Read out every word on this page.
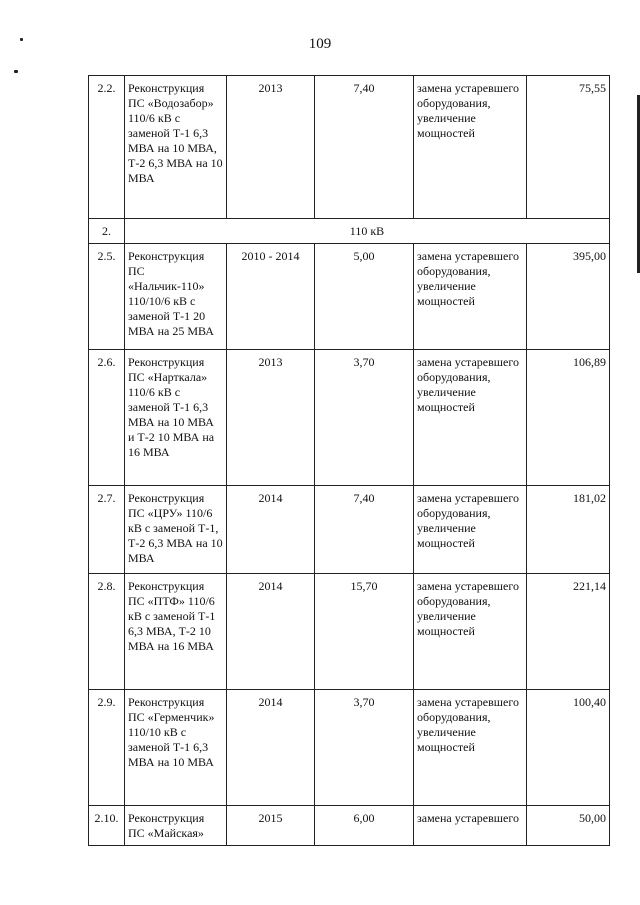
109
2.2.	Реконструкция ПС «Водозабор» 110/6 кВ с заменой Т-1 6,3 МВА на 10 МВА, Т-2 6,3 МВА на 10 МВА	2013	7,40	замена устаревшего оборудования, увеличение мощностей	75,55
2.	110 кВ				
2.5.	Реконструкция ПС «Нальчик-110» 110/10/6 кВ с заменой Т-1 20 МВА на 25 МВА	2010 - 2014	5,00	замена устаревшего оборудования, увеличение мощностей	395,00
2.6.	Реконструкция ПС «Нарткала» 110/6 кВ с заменой Т-1 6,3 МВА на 10 МВА и Т-2 10 МВА на 16 МВА	2013	3,70	замена устаревшего оборудования, увеличение мощностей	106,89
2.7.	Реконструкция ПС «ЦРУ» 110/6 кВ с заменой Т-1, Т-2 6,3 МВА на 10 МВА	2014	7,40	замена устаревшего оборудования, увеличение мощностей	181,02
2.8.	Реконструкция ПС «ПТФ» 110/6 кВ с заменой Т-1 6,3 МВА, Т-2 10 МВА на 16 МВА	2014	15,70	замена устаревшего оборудования, увеличение мощностей	221,14
2.9.	Реконструкция ПС «Герменчик» 110/10 кВ с заменой Т-1 6,3 МВА на 10 МВА	2014	3,70	замена устаревшего оборудования, увеличение мощностей	100,40
2.10.	Реконструкция ПС «Майская»	2015	6,00	замена устаревшего	50,00
